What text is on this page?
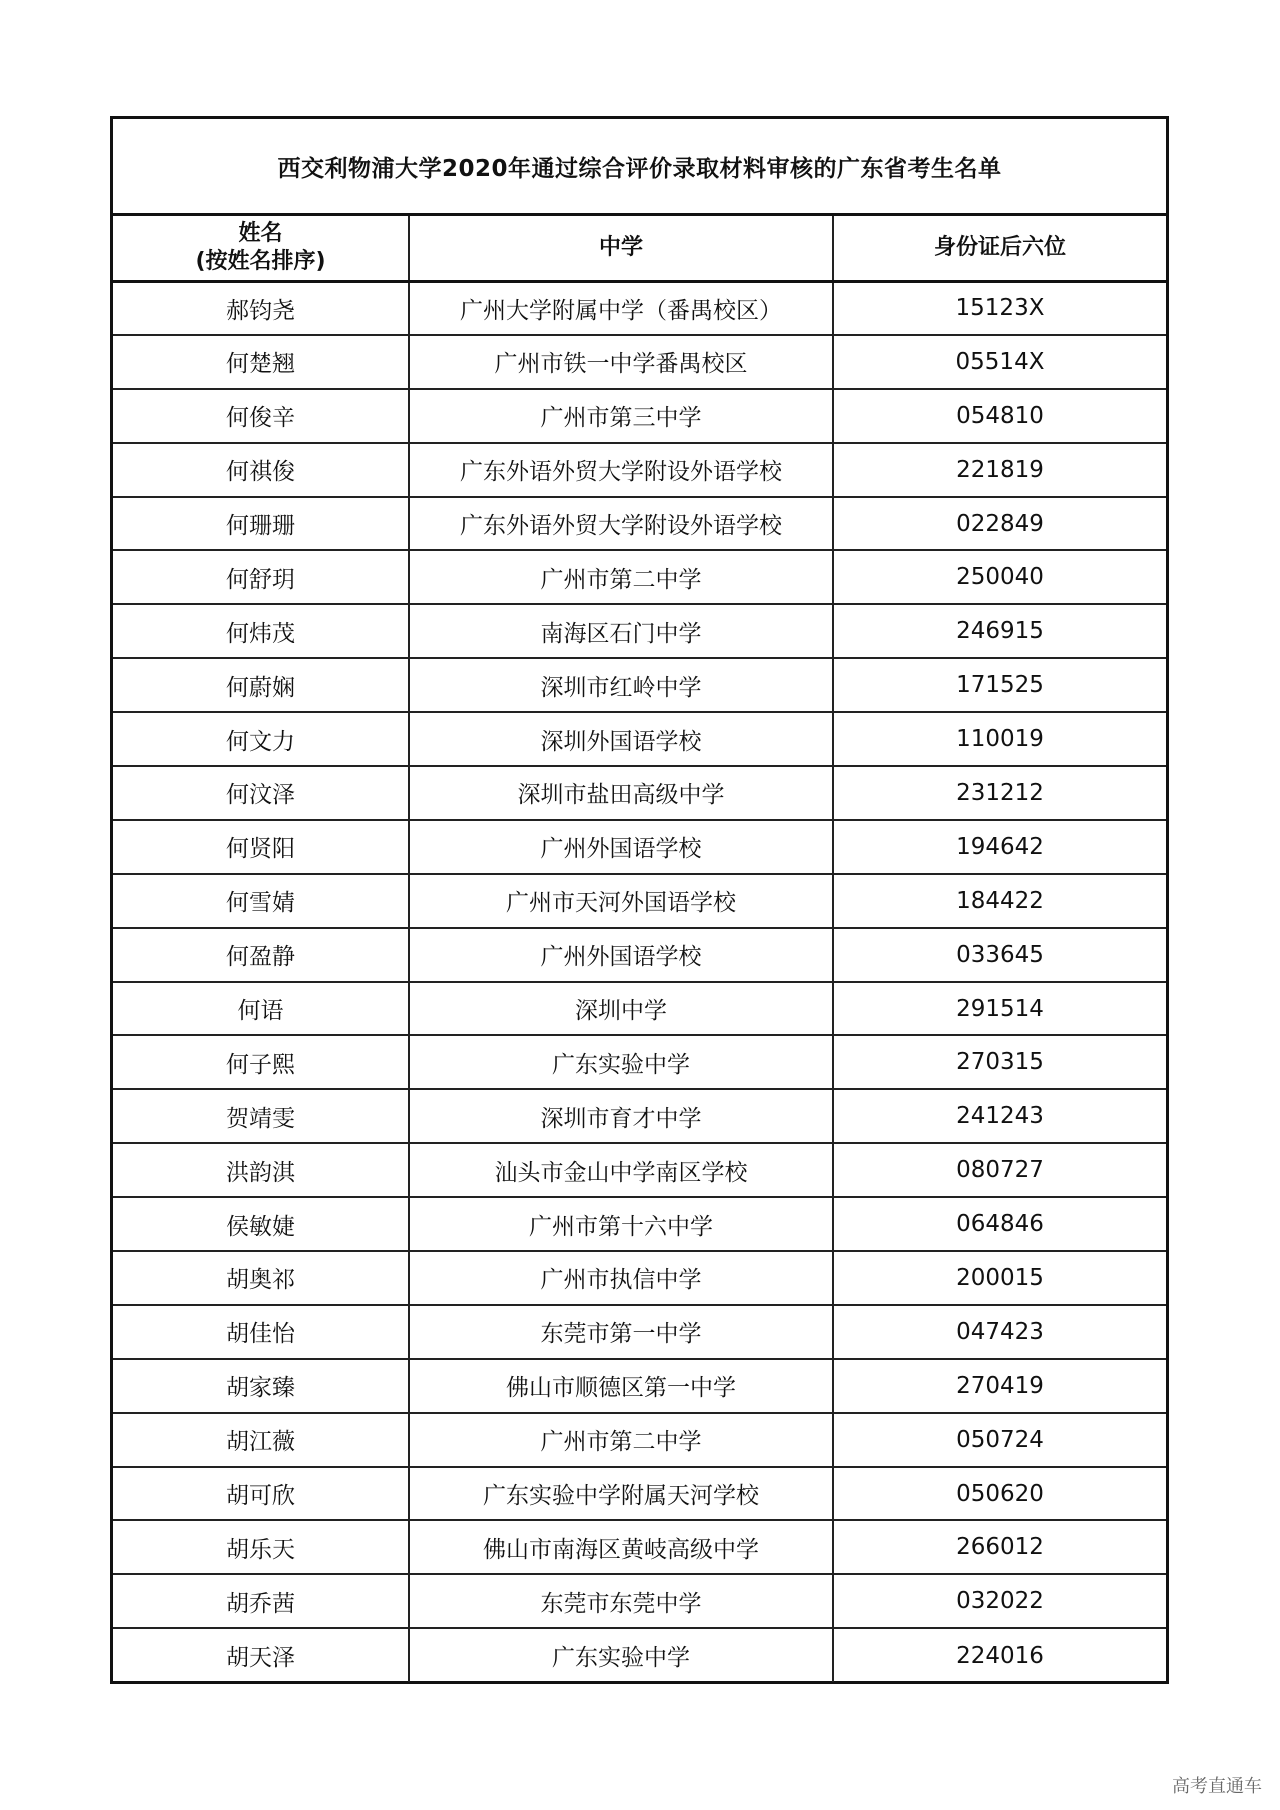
西交利物浦大学2020年通过综合评价录取材料审核的广东省考生名单
姓名
(按姓名排序)	中学	身份证后六位
郝钧尧	广州大学附属中学（番禺校区）	15123X
何楚翘	广州市铁一中学番禺校区	05514X
何俊辛	广州市第三中学	054810
何祺俊	广东外语外贸大学附设外语学校	221819
何珊珊	广东外语外贸大学附设外语学校	022849
何舒玥	广州市第二中学	250040
何炜茂	南海区石门中学	246915
何蔚娴	深圳市红岭中学	171525
何文力	深圳外国语学校	110019
何汶泽	深圳市盐田高级中学	231212
何贤阳	广州外国语学校	194642
何雪婧	广州市天河外国语学校	184422
何盈静	广州外国语学校	033645
何语	深圳中学	291514
何子熙	广东实验中学	270315
贺靖雯	深圳市育才中学	241243
洪韵淇	汕头市金山中学南区学校	080727
侯敏婕	广州市第十六中学	064846
胡奥祁	广州市执信中学	200015
胡佳怡	东莞市第一中学	047423
胡家臻	佛山市顺德区第一中学	270419
胡江薇	广州市第二中学	050724
胡可欣	广东实验中学附属天河学校	050620
胡乐天	佛山市南海区黄岐高级中学	266012
胡乔茜	东莞市东莞中学	032022
胡天泽	广东实验中学	224016
高考直通车
